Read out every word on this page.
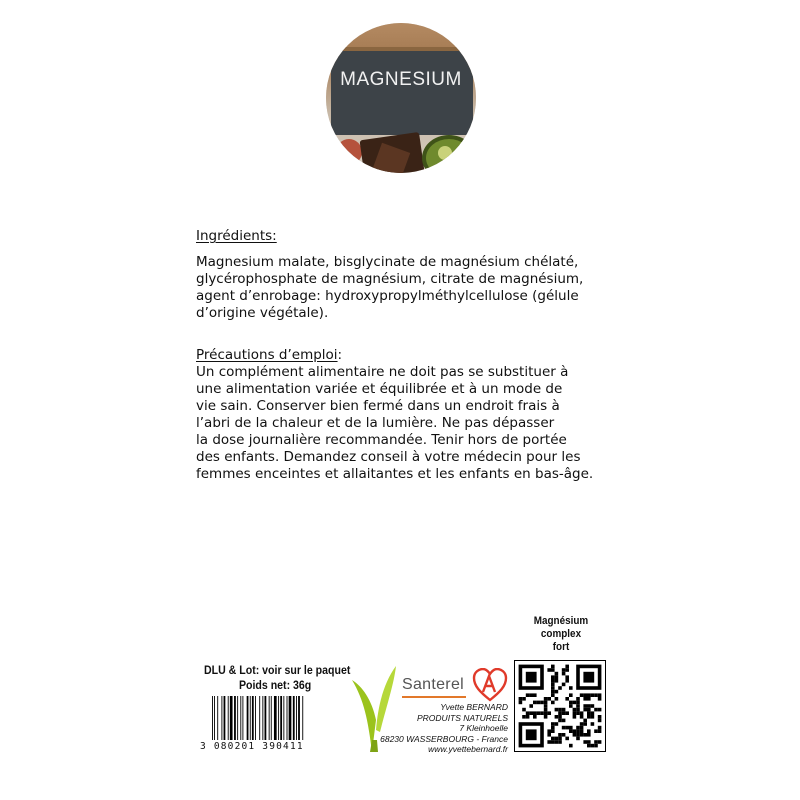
MAGNESIUM
Ingrédients:

Magnesium malate, bisglycinate de magnésium chélaté,
glycérophosphate de magnésium, citrate de magnésium,
agent d’enrobage: hydroxypropylméthylcellulose (gélule
d’origine végétale).

Précautions d’emploi:

Un complément alimentaire ne doit pas se substituer à
une alimentation variée et équilibrée et à un mode de
vie sain. Conserver bien fermé dans un endroit frais à
l’abri de la chaleur et de la lumière. Ne pas dépasser
la dose journalière recommandée. Tenir hors de portée
des enfants. Demandez conseil à votre médecin pour les
femmes enceintes et allaitantes et les enfants en bas-âge.

DLU & Lot: voir sur le paquet
Poids net: 36g
3 080201 390411
Santerel
Yvette BERNARD
PRODUITS NATURELS
7 Kleinhoelle
68230 WASSERBOURG - France
www.yvettebernard.fr
Magnésium
complex
fort
